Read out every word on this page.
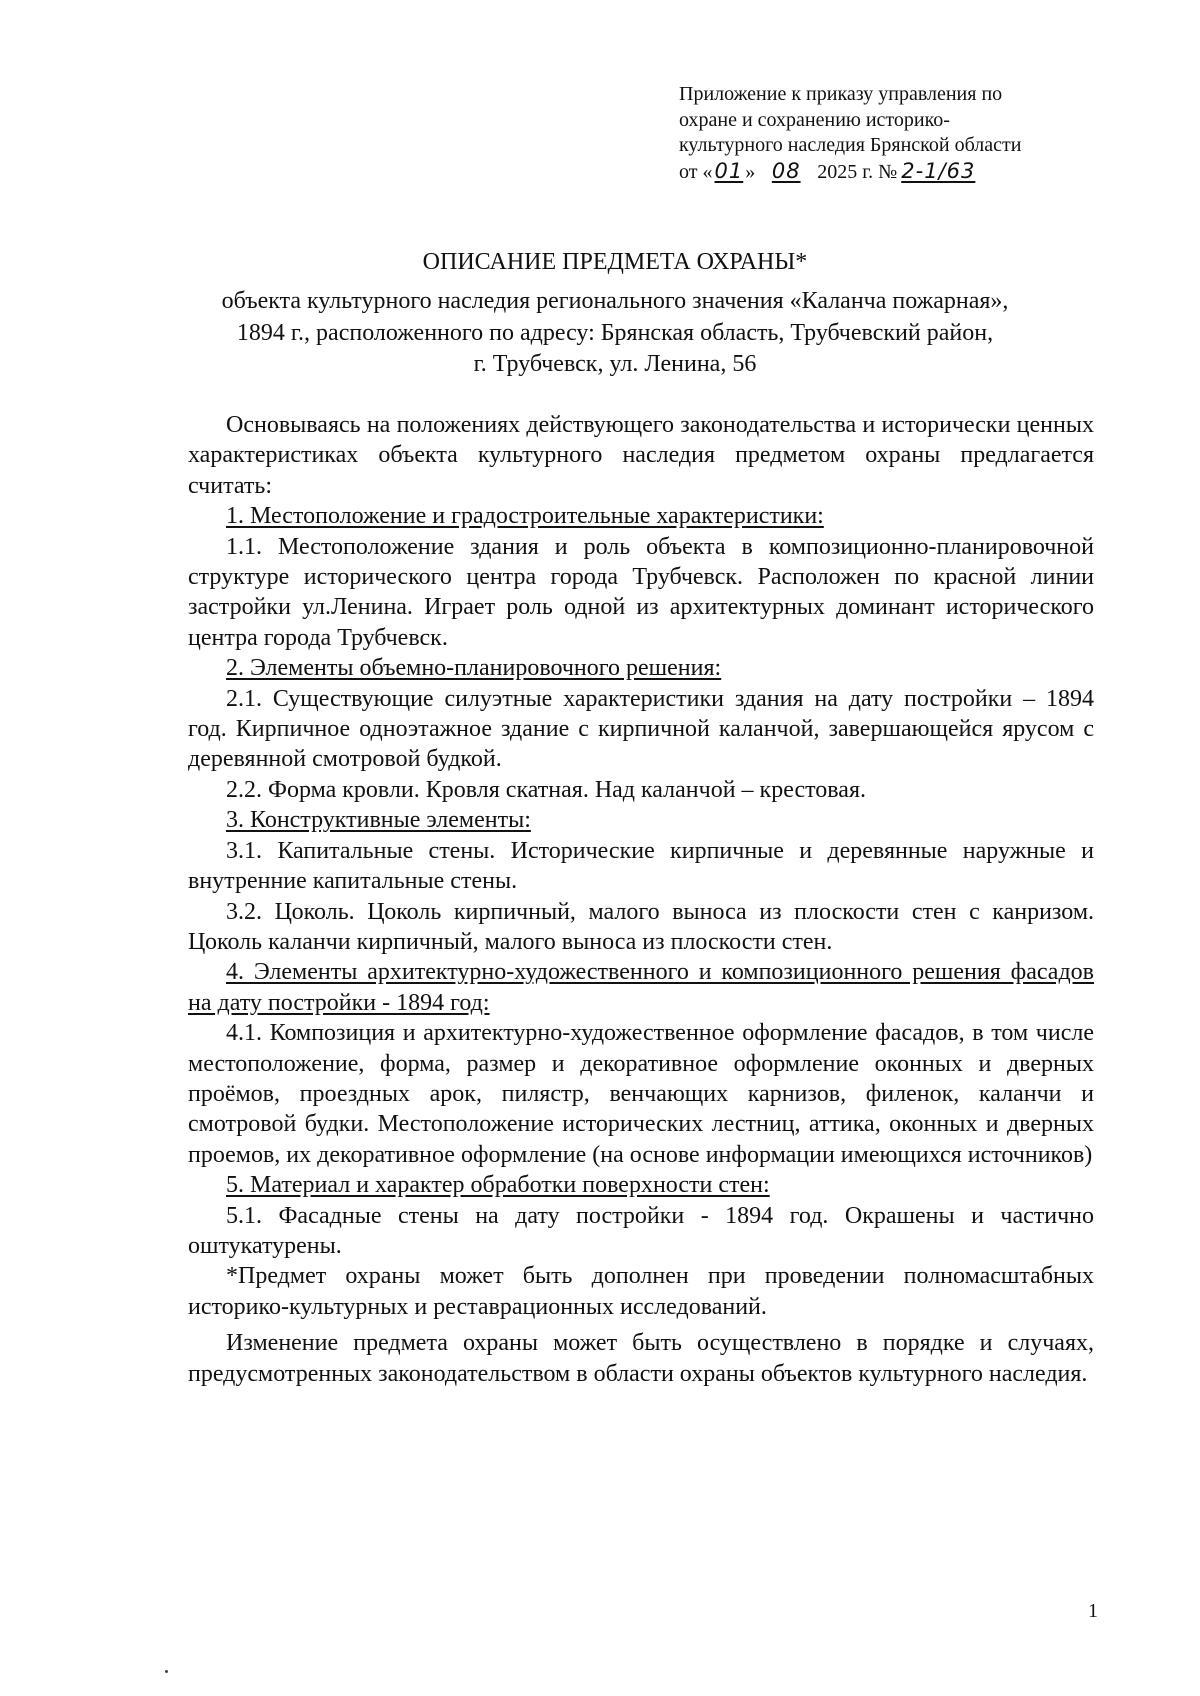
Приложение к приказу управления по
охране и сохранению историко-
культурного наследия Брянской области
от «01 » 08 2025 г. № 2-1/63
ОПИСАНИЕ ПРЕДМЕТА ОХРАНЫ*
объекта культурного наследия регионального значения «Каланча пожарная»,
1894 г., расположенного по адресу: Брянская область, Трубчевский район,
г. Трубчевск, ул. Ленина, 56

Основываясь на положениях действующего законодательства и исторически ценных характеристиках объекта культурного наследия предметом охраны предлагается считать:

1. Местоположение и градостроительные характеристики:

1.1. Местоположение здания и роль объекта в композиционно-планировочной структуре исторического центра города Трубчевск. Расположен по красной линии застройки ул.Ленина. Играет роль одной из архитектурных доминант исторического центра города Трубчевск.

2. Элементы объемно-планировочного решения:

2.1. Существующие силуэтные характеристики здания на дату постройки – 1894 год. Кирпичное одноэтажное здание с кирпичной каланчой, завершающейся ярусом с деревянной смотровой будкой.

2.2. Форма кровли. Кровля скатная. Над каланчой – крестовая.

3. Конструктивные элементы:

3.1. Капитальные стены. Исторические кирпичные и деревянные наружные и внутренние капитальные стены.

3.2. Цоколь. Цоколь кирпичный, малого выноса из плоскости стен с канризом. Цоколь каланчи кирпичный, малого выноса из плоскости стен.

4. Элементы архитектурно-художественного и композиционного решения фасадов на дату постройки - 1894 год:

4.1. Композиция и архитектурно-художественное оформление фасадов, в том числе местоположение, форма, размер и декоративное оформление оконных и дверных проёмов, проездных арок, пилястр, венчающих карнизов, филенок, каланчи и смотровой будки. Местоположение исторических лестниц, аттика, оконных и дверных проемов, их декоративное оформление (на основе информации имеющихся источников)

5. Материал и характер обработки поверхности стен:

5.1. Фасадные стены на дату постройки - 1894 год. Окрашены и частично оштукатурены.

*Предмет охраны может быть дополнен при проведении полномасштабных историко-культурных и реставрационных исследований.

Изменение предмета охраны может быть осуществлено в порядке и случаях, предусмотренных законодательством в области охраны объектов культурного наследия.

1
